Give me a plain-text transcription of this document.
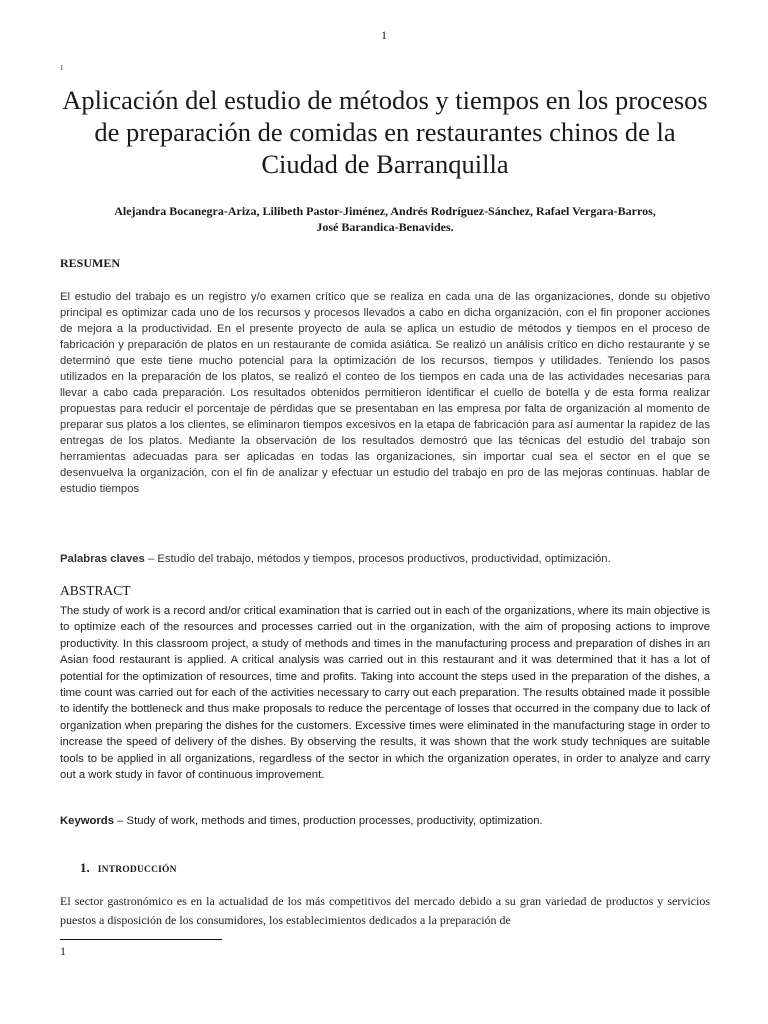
1
1
Aplicación del estudio de métodos y tiempos en los procesos de preparación de comidas en restaurantes chinos de la Ciudad de Barranquilla
Alejandra Bocanegra-Ariza, Lilibeth Pastor-Jiménez, Andrés Rodríguez-Sánchez, Rafael Vergara-Barros,
José Barandica-Benavides.
RESUMEN

El estudio del trabajo es un registro y/o examen crítico que se realiza en cada una de las organizaciones, donde su objetivo principal es optimizar cada uno de los recursos y procesos llevados a cabo en dicha organización, con el fin proponer acciones de mejora a la productividad. En el presente proyecto de aula se aplica un estudio de métodos y tiempos en el proceso de fabricación y preparación de platos en un restaurante de comida asiática. Se realizó un análisis crítico en dicho restaurante y se determinó que este tiene mucho potencial para la optimización de los recursos, tiempos y utilidades. Teniendo los pasos utilizados en la preparación de los platos, se realizó el conteo de los tiempos en cada una de las actividades necesarias para llevar a cabo cada preparación. Los resultados obtenidos permitieron identificar el cuello de botella y de esta forma realizar propuestas para reducir el porcentaje de pérdidas que se presentaban en las empresa por falta de organización al momento de preparar sus platos a los clientes, se eliminaron tiempos excesivos en la etapa de fabricación para así aumentar la rapidez de las entregas de los platos. Mediante la observación de los resultados demostró que las técnicas del estudio del trabajo son herramientas adecuadas para ser aplicadas en todas las organizaciones, sin importar cual sea el sector en el que se desenvuelva la organización, con el fin de analizar y efectuar un estudio del trabajo en pro de las mejoras continuas. hablar de estudio tiempos

Palabras claves – Estudio del trabajo, métodos y tiempos, procesos productivos, productividad, optimización.

ABSTRACT

The study of work is a record and/or critical examination that is carried out in each of the organizations, where its main objective is to optimize each of the resources and processes carried out in the organization, with the aim of proposing actions to improve productivity. In this classroom project, a study of methods and times in the manufacturing process and preparation of dishes in an Asian food restaurant is applied. A critical analysis was carried out in this restaurant and it was determined that it has a lot of potential for the optimization of resources, time and profits. Taking into account the steps used in the preparation of the dishes, a time count was carried out for each of the activities necessary to carry out each preparation. The results obtained made it possible to identify the bottleneck and thus make proposals to reduce the percentage of losses that occurred in the company due to lack of organization when preparing the dishes for the customers. Excessive times were eliminated in the manufacturing stage in order to increase the speed of delivery of the dishes. By observing the results, it was shown that the work study techniques are suitable tools to be applied in all organizations, regardless of the sector in which the organization operates, in order to analyze and carry out a work study in favor of continuous improvement.

Keywords – Study of work, methods and times, production processes, productivity, optimization.

1. INTRODUCCIÓN

El sector gastronómico es en la actualidad de los más competitivos del mercado debido a su gran variedad de productos y servicios puestos a disposición de los consumidores, los establecimientos dedicados a la preparación de

1
